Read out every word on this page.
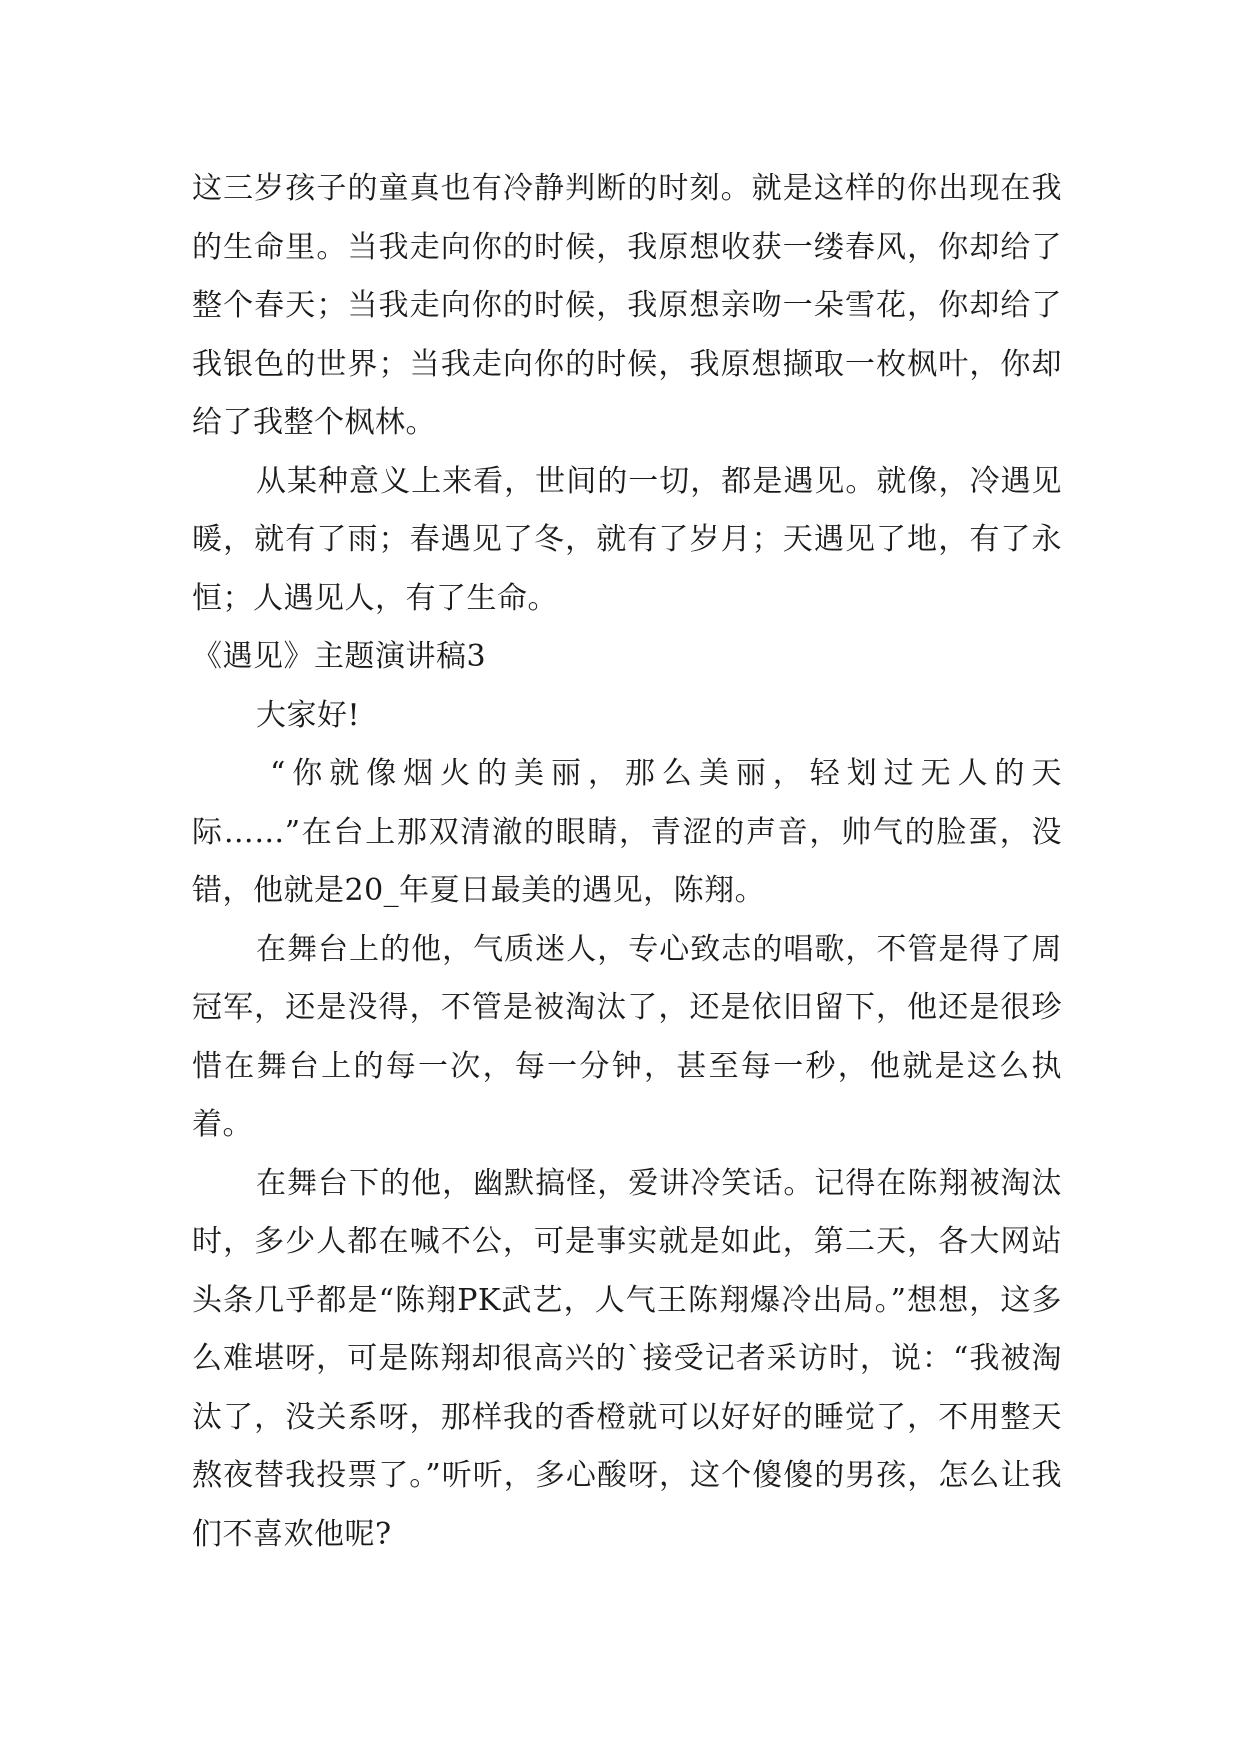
这三岁孩子的童真也有冷静判断的时刻。就是这样的你出现在我的生命里。当我走向你的时候，我原想收获一缕春风，你却给了整个春天；当我走向你的时候，我原想亲吻一朵雪花，你却给了我银色的世界；当我走向你的时候，我原想撷取一枚枫叶，你却给了我整个枫林。

从某种意义上来看，世间的一切，都是遇见。就像，冷遇见暖，就有了雨；春遇见了冬，就有了岁月；天遇见了地，有了永恒；人遇见人，有了生命。

《遇见》主题演讲稿3

大家好!

“你就像烟火的美丽，那么美丽，轻划过无人的天际……”在台上那双清澈的眼睛，青涩的声音，帅气的脸蛋，没错，他就是20_年夏日最美的遇见，陈翔。

在舞台上的他，气质迷人，专心致志的唱歌，不管是得了周冠军，还是没得，不管是被淘汰了，还是依旧留下，他还是很珍惜在舞台上的每一次，每一分钟，甚至每一秒，他就是这么执着。

在舞台下的他，幽默搞怪，爱讲冷笑话。记得在陈翔被淘汰时，多少人都在喊不公，可是事实就是如此，第二天，各大网站头条几乎都是“陈翔PK武艺，人气王陈翔爆冷出局。”想想，这多么难堪呀，可是陈翔却很高兴的`接受记者采访时，说：“我被淘汰了，没关系呀，那样我的香橙就可以好好的睡觉了，不用整天熬夜替我投票了。”听听，多心酸呀，这个傻傻的男孩，怎么让我们不喜欢他呢?
